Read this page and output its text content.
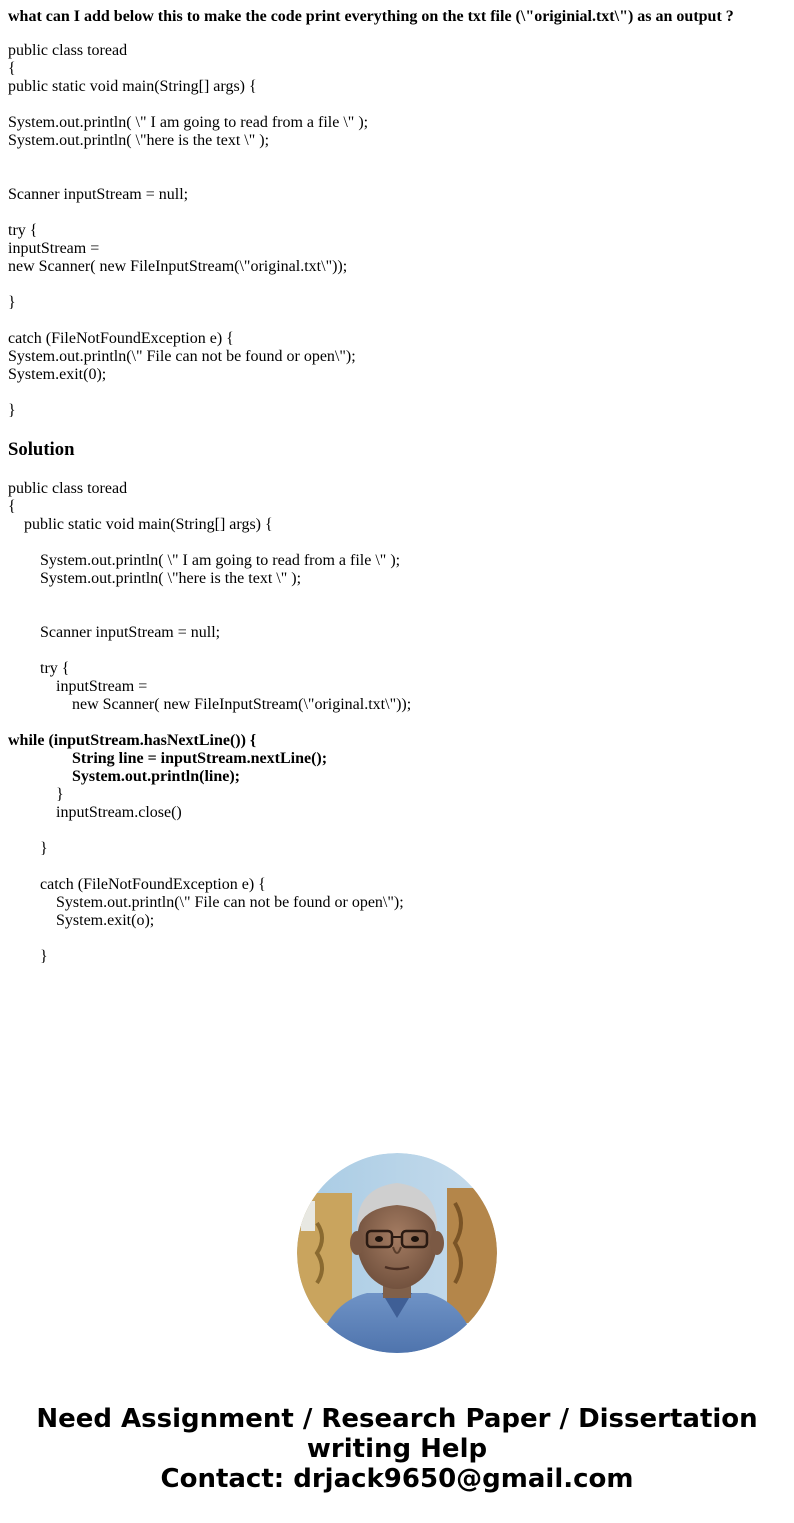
what can I add below this to make the code print everything on the txt file (\"originial.txt\") as an output ?
public class toread
{
public static void main(String[] args) {
System.out.println( \" I am going to read from a file \" );
System.out.println( \"here is the text \" );
Scanner inputStream = null;
try {
inputStream =
new Scanner( new FileInputStream(\"original.txt\"));
}
catch (FileNotFoundException e) {
System.out.println(\" File can not be found or open\");
System.exit(0);
}
Solution
public class toread
{
public static void main(String[] args) {
System.out.println( \" I am going to read from a file \" );
System.out.println( \"here is the text \" );
Scanner inputStream = null;
try {
inputStream =
new Scanner( new FileInputStream(\"original.txt\"));
while (inputStream.hasNextLine()) {
String line = inputStream.nextLine();
System.out.println(line);
}
inputStream.close()
}
catch (FileNotFoundException e) {
System.out.println(\" File can not be found or open\");
System.exit(o);
}
Need Assignment / Research Paper / Dissertation
writing Help
Contact: drjack9650@gmail.com
